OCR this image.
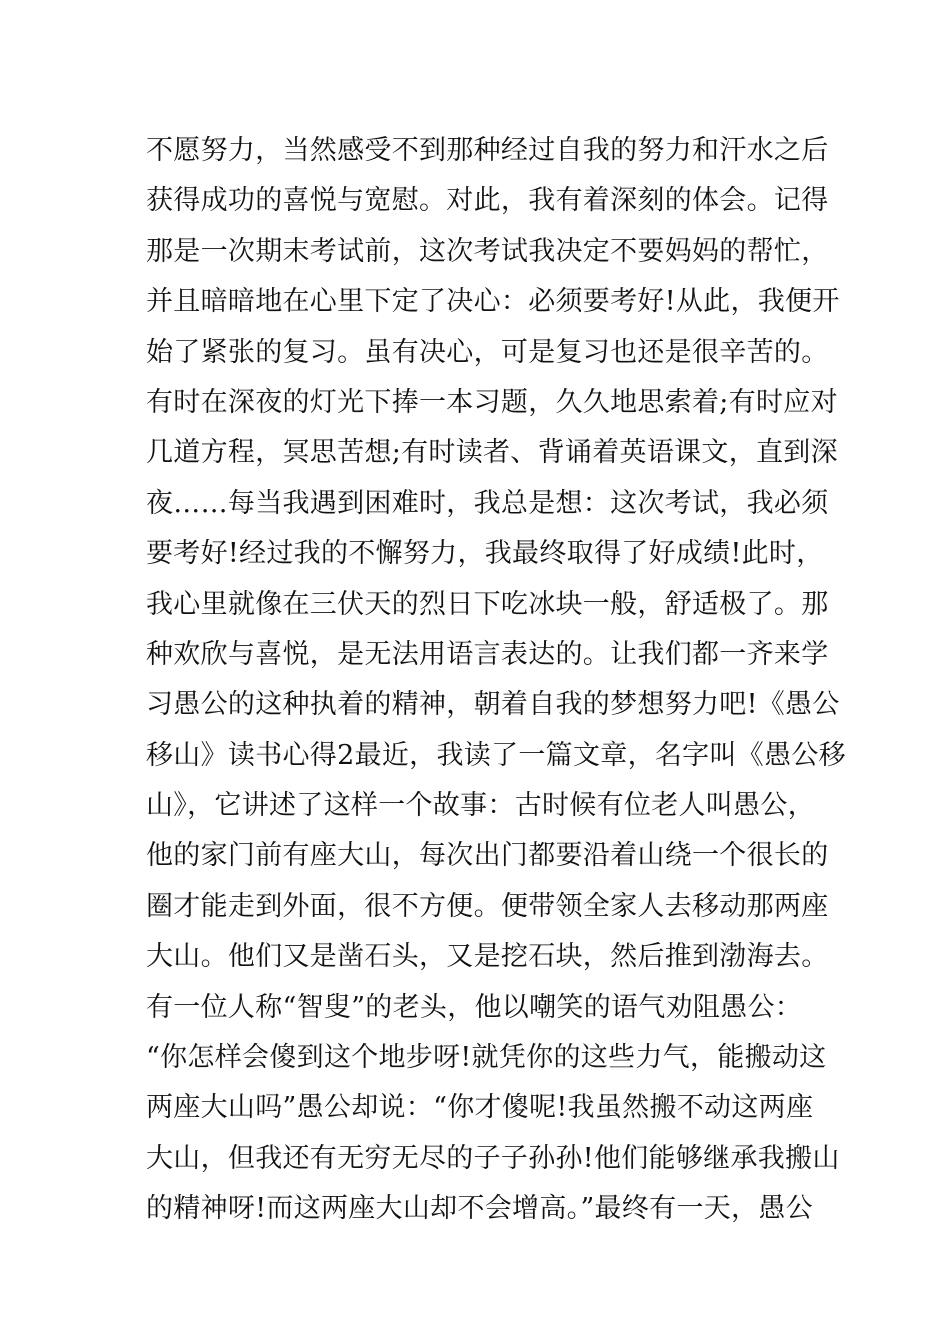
不愿努力，当然感受不到那种经过自我的努力和汗水之后
获得成功的喜悦与宽慰。对此，我有着深刻的体会。记得
那是一次期末考试前，这次考试我决定不要妈妈的帮忙，
并且暗暗地在心里下定了决心：必须要考好!从此，我便开
始了紧张的复习。虽有决心，可是复习也还是很辛苦的。
有时在深夜的灯光下捧一本习题，久久地思索着;有时应对
几道方程，冥思苦想;有时读者、背诵着英语课文，直到深
夜……每当我遇到困难时，我总是想：这次考试，我必须
要考好!经过我的不懈努力，我最终取得了好成绩!此时，
我心里就像在三伏天的烈日下吃冰块一般，舒适极了。那
种欢欣与喜悦，是无法用语言表达的。让我们都一齐来学
习愚公的这种执着的精神，朝着自我的梦想努力吧!《愚公
移山》读书心得2最近，我读了一篇文章，名字叫《愚公移
山》，它讲述了这样一个故事：古时候有位老人叫愚公，
他的家门前有座大山，每次出门都要沿着山绕一个很长的
圈才能走到外面，很不方便。便带领全家人去移动那两座
大山。他们又是凿石头，又是挖石块，然后推到渤海去。
有一位人称“智叟”的老头，他以嘲笑的语气劝阻愚公：
“你怎样会傻到这个地步呀!就凭你的这些力气，能搬动这
两座大山吗”愚公却说：“你才傻呢!我虽然搬不动这两座
大山，但我还有无穷无尽的子子孙孙!他们能够继承我搬山
的精神呀!而这两座大山却不会增高。”最终有一天，愚公
